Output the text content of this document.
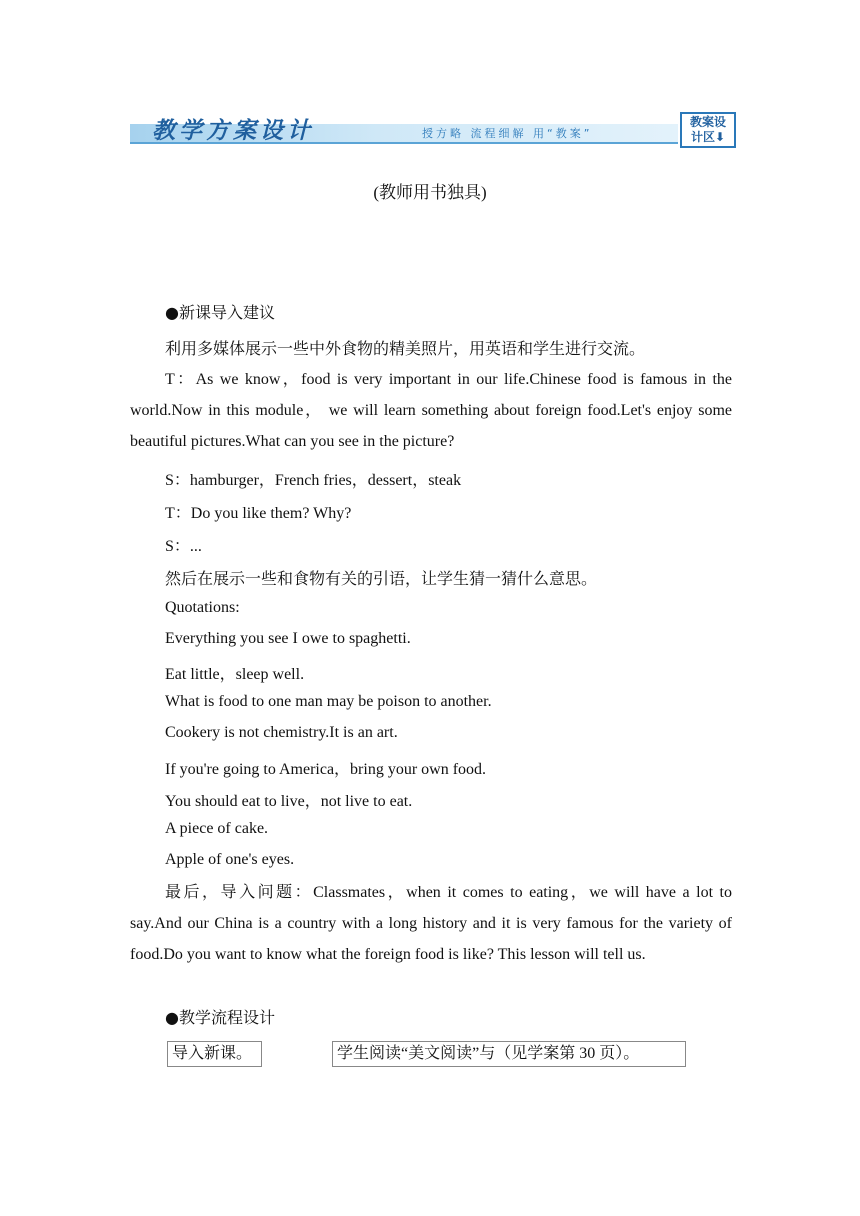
教学方案设计	授方略 流程细解 用“教案”
教案设
计区⬇
(教师用书独具)
●新课导入建议
利用多媒体展示一些中外食物的精美照片，用英语和学生进行交流。
T：As we know，food is very important in our life.Chinese food is famous in the world.Now in this module， we will learn something about foreign food.Let's enjoy some beautiful pictures.What can you see in the picture?
S：hamburger，French fries，dessert，steak
T：Do you like them? Why?
S：...
然后在展示一些和食物有关的引语，让学生猜一猜什么意思。
Quotations:
Everything you see I owe to spaghetti.
Eat little，sleep well.
What is food to one man may be poison to another.
Cookery is not chemistry.It is an art.
If you're going to America，bring your own food.
You should eat to live，not live to eat.
A piece of cake.
Apple of one's eyes.
最后，导入问题：Classmates，when it comes to eating，we will have a lot to say.And our China is a country with a long history and it is very famous for the variety of food.Do you want to know what the foreign food is like? This lesson will tell us.
●教学流程设计
导入新课。	学生阅读“美文阅读”与（见学案第 30 页）。
